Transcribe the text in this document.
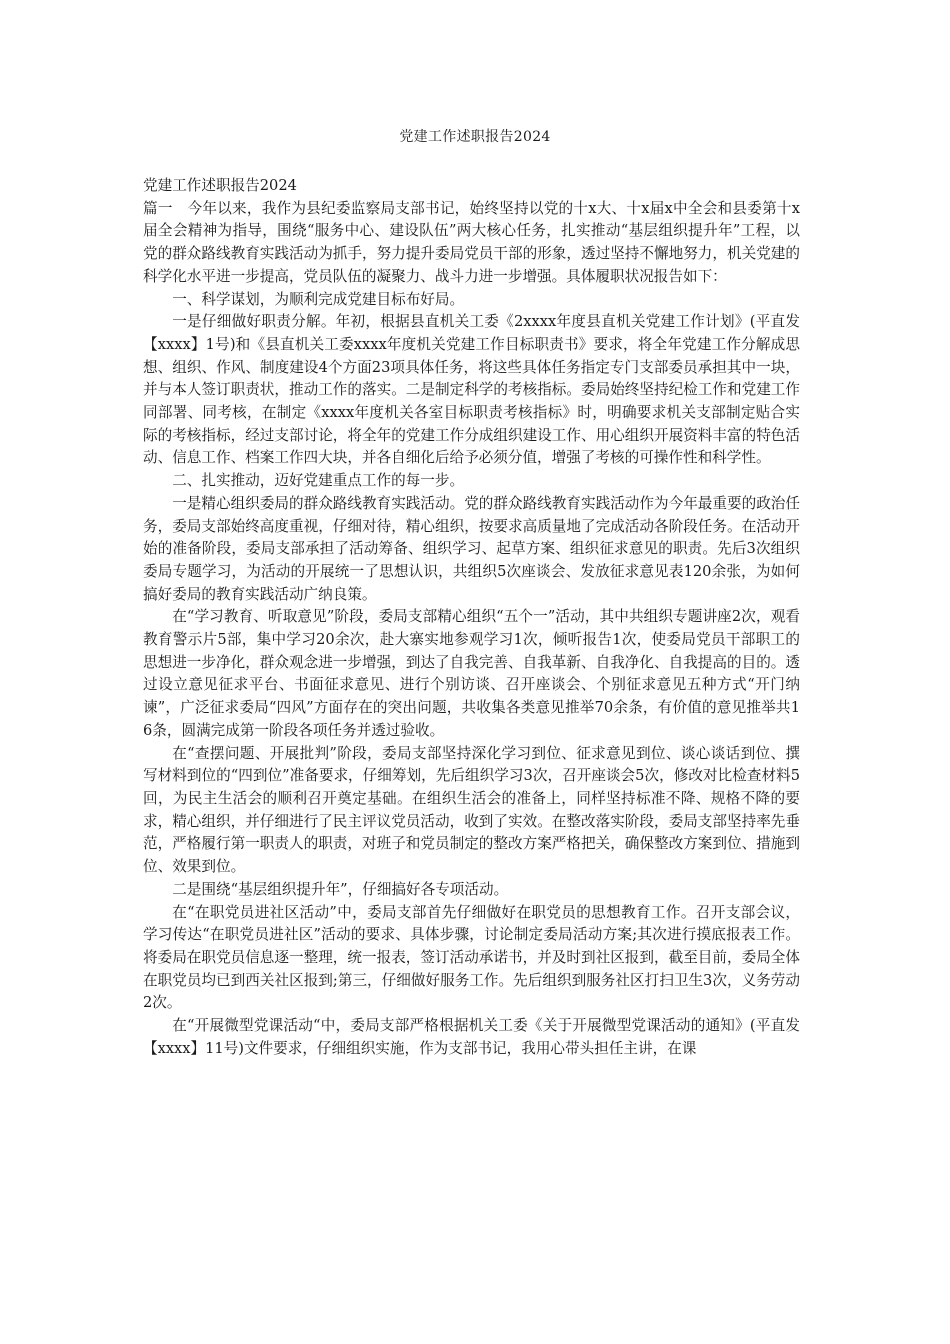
党建工作述职报告2024

党建工作述职报告2024

篇一　今年以来，我作为县纪委监察局支部书记，始终坚持以党的十x大、十x届x中全会和县委第十x届全会精神为指导，围绕“服务中心、建设队伍”两大核心任务，扎实推动“基层组织提升年”工程，以党的群众路线教育实践活动为抓手，努力提升委局党员干部的形象，透过坚持不懈地努力，机关党建的科学化水平进一步提高，党员队伍的凝聚力、战斗力进一步增强。具体履职状况报告如下：

一、科学谋划，为顺利完成党建目标布好局。

一是仔细做好职责分解。年初，根据县直机关工委《2xxxx年度县直机关党建工作计划》(平直发【xxxx】1号)和《县直机关工委xxxx年度机关党建工作目标职责书》要求，将全年党建工作分解成思想、组织、作风、制度建设4个方面23项具体任务，将这些具体任务指定专门支部委员承担其中一块，并与本人签订职责状，推动工作的落实。二是制定科学的考核指标。委局始终坚持纪检工作和党建工作同部署、同考核，在制定《xxxx年度机关各室目标职责考核指标》时，明确要求机关支部制定贴合实际的考核指标，经过支部讨论，将全年的党建工作分成组织建设工作、用心组织开展资料丰富的特色活动、信息工作、档案工作四大块，并各自细化后给予必须分值，增强了考核的可操作性和科学性。

二、扎实推动，迈好党建重点工作的每一步。

一是精心组织委局的群众路线教育实践活动。党的群众路线教育实践活动作为今年最重要的政治任务，委局支部始终高度重视，仔细对待，精心组织，按要求高质量地了完成活动各阶段任务。在活动开始的准备阶段，委局支部承担了活动筹备、组织学习、起草方案、组织征求意见的职责。先后3次组织委局专题学习，为活动的开展统一了思想认识，共组织5次座谈会、发放征求意见表120余张，为如何搞好委局的教育实践活动广纳良策。

在“学习教育、听取意见”阶段，委局支部精心组织“五个一”活动，其中共组织专题讲座2次，观看教育警示片5部，集中学习20余次，赴大寨实地参观学习1次，倾听报告1次，使委局党员干部职工的思想进一步净化，群众观念进一步增强，到达了自我完善、自我革新、自我净化、自我提高的目的。透过设立意见征求平台、书面征求意见、进行个别访谈、召开座谈会、个别征求意见五种方式“开门纳谏”，广泛征求委局“四风”方面存在的突出问题，共收集各类意见推举70余条，有价值的意见推举共16条，圆满完成第一阶段各项任务并透过验收。

在“查摆问题、开展批判”阶段，委局支部坚持深化学习到位、征求意见到位、谈心谈话到位、撰写材料到位的“四到位”准备要求，仔细筹划，先后组织学习3次，召开座谈会5次，修改对比检查材料5回，为民主生活会的顺利召开奠定基础。在组织生活会的准备上，同样坚持标准不降、规格不降的要求，精心组织，并仔细进行了民主评议党员活动，收到了实效。在整改落实阶段，委局支部坚持率先垂范，严格履行第一职责人的职责，对班子和党员制定的整改方案严格把关，确保整改方案到位、措施到位、效果到位。

二是围绕“基层组织提升年”，仔细搞好各专项活动。

在“在职党员进社区活动”中，委局支部首先仔细做好在职党员的思想教育工作。召开支部会议，学习传达“在职党员进社区”活动的要求、具体步骤，讨论制定委局活动方案;其次进行摸底报表工作。将委局在职党员信息逐一整理，统一报表，签订活动承诺书，并及时到社区报到，截至目前，委局全体在职党员均已到西关社区报到;第三，仔细做好服务工作。先后组织到服务社区打扫卫生3次，义务劳动2次。

在“开展微型党课活动“中，委局支部严格根据机关工委《关于开展微型党课活动的通知》(平直发【xxxx】11号)文件要求，仔细组织实施，作为支部书记，我用心带头担任主讲，在课
